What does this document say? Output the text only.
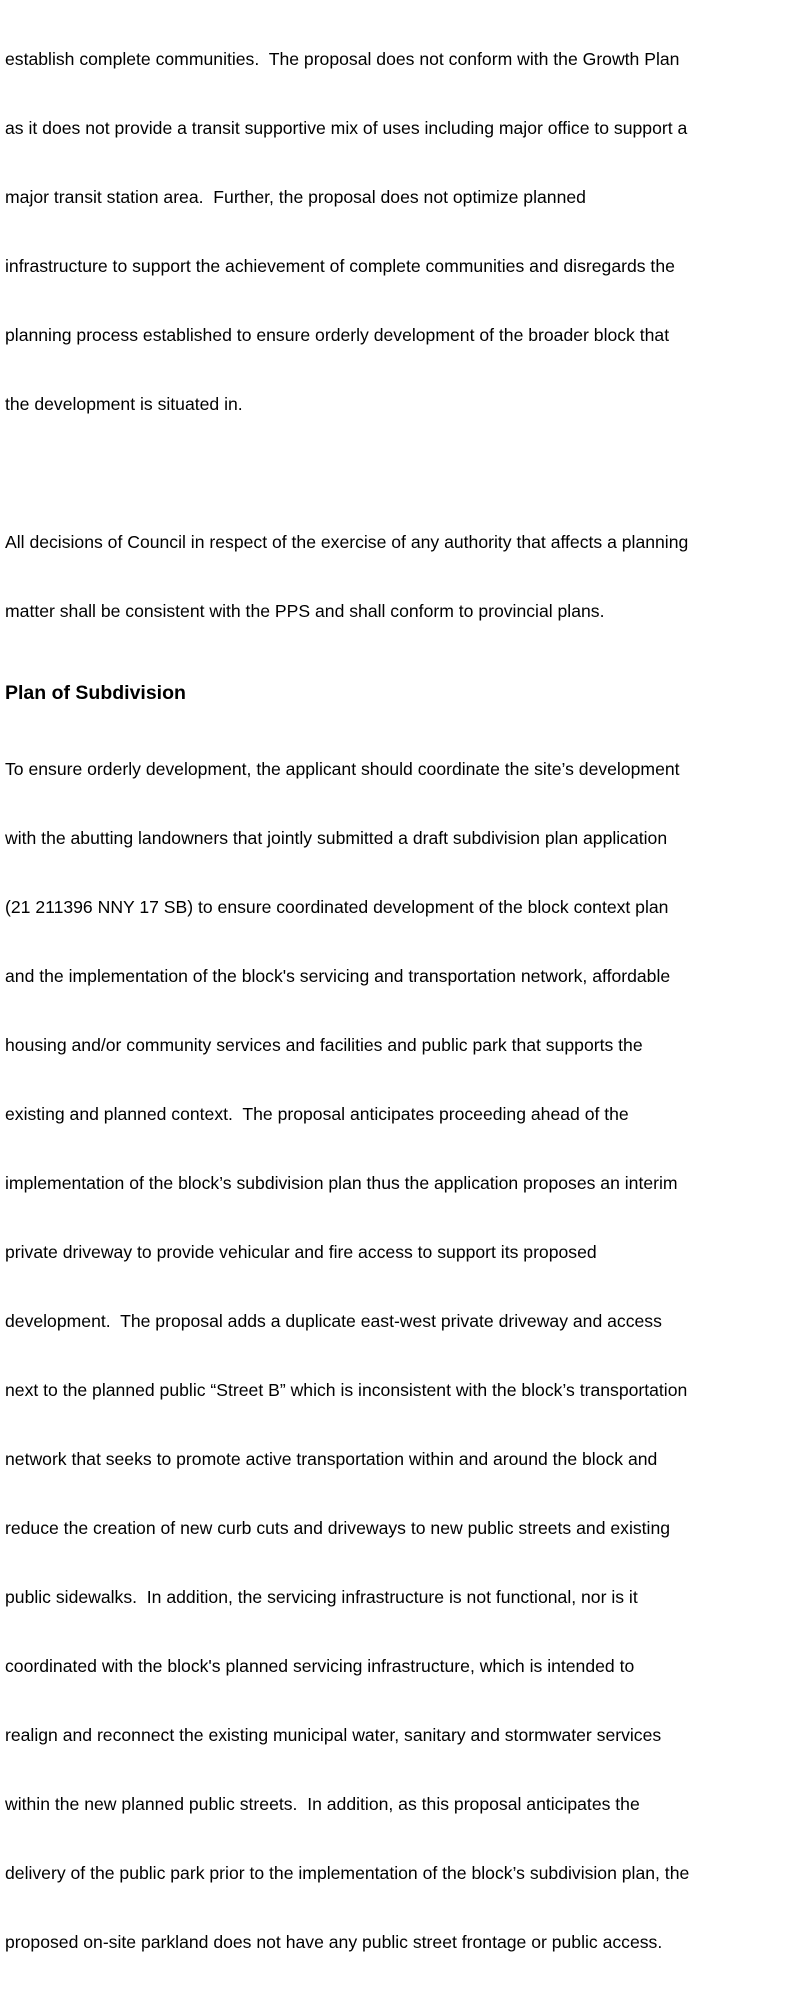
establish complete communities.  The proposal does not conform with the Growth Plan

as it does not provide a transit supportive mix of uses including major office to support a

major transit station area.  Further, the proposal does not optimize planned

infrastructure to support the achievement of complete communities and disregards the

planning process established to ensure orderly development of the broader block that

the development is situated in.

All decisions of Council in respect of the exercise of any authority that affects a planning

matter shall be consistent with the PPS and shall conform to provincial plans.

Plan of Subdivision

To ensure orderly development, the applicant should coordinate the site’s development

with the abutting landowners that jointly submitted a draft subdivision plan application

(21 211396 NNY 17 SB) to ensure coordinated development of the block context plan

and the implementation of the block's servicing and transportation network, affordable

housing and/or community services and facilities and public park that supports the

existing and planned context.  The proposal anticipates proceeding ahead of the

implementation of the block’s subdivision plan thus the application proposes an interim

private driveway to provide vehicular and fire access to support its proposed

development.  The proposal adds a duplicate east-west private driveway and access

next to the planned public “Street B” which is inconsistent with the block’s transportation

network that seeks to promote active transportation within and around the block and

reduce the creation of new curb cuts and driveways to new public streets and existing

public sidewalks.  In addition, the servicing infrastructure is not functional, nor is it

coordinated with the block's planned servicing infrastructure, which is intended to

realign and reconnect the existing municipal water, sanitary and stormwater services

within the new planned public streets.  In addition, as this proposal anticipates the

delivery of the public park prior to the implementation of the block’s subdivision plan, the

proposed on-site parkland does not have any public street frontage or public access.
